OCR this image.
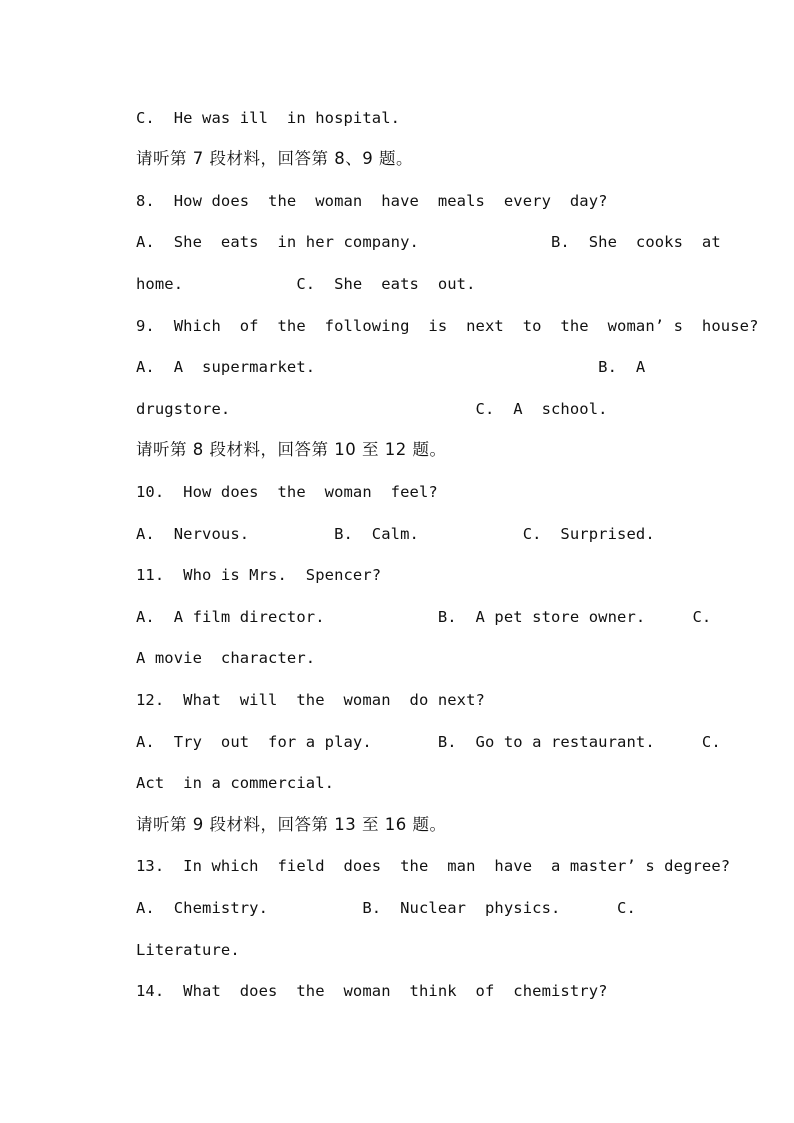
C.  He was ill  in hospital.
请听第 7 段材料，回答第 8、9 题。
8.  How does  the  woman  have  meals  every  day?
A.  She  eats  in her company.              B.  She  cooks  at
home.            C.  She  eats  out.
9.  Which  of  the  following  is  next  to  the  woman’ s  house?
A.  A  supermarket.                              B.  A
drugstore.                          C.  A  school.
请听第 8 段材料，回答第 10 至 12 题。
10.  How does  the  woman  feel?
A.  Nervous.         B.  Calm.           C.  Surprised.
11.  Who is Mrs.  Spencer?
A.  A film director.            B.  A pet store owner.     C.
A movie  character.
12.  What  will  the  woman  do next?
A.  Try  out  for a play.       B.  Go to a restaurant.     C.
Act  in a commercial.
请听第 9 段材料，回答第 13 至 16 题。
13.  In which  field  does  the  man  have  a master’ s degree?
A.  Chemistry.          B.  Nuclear  physics.      C.
Literature.
14.  What  does  the  woman  think  of  chemistry?
